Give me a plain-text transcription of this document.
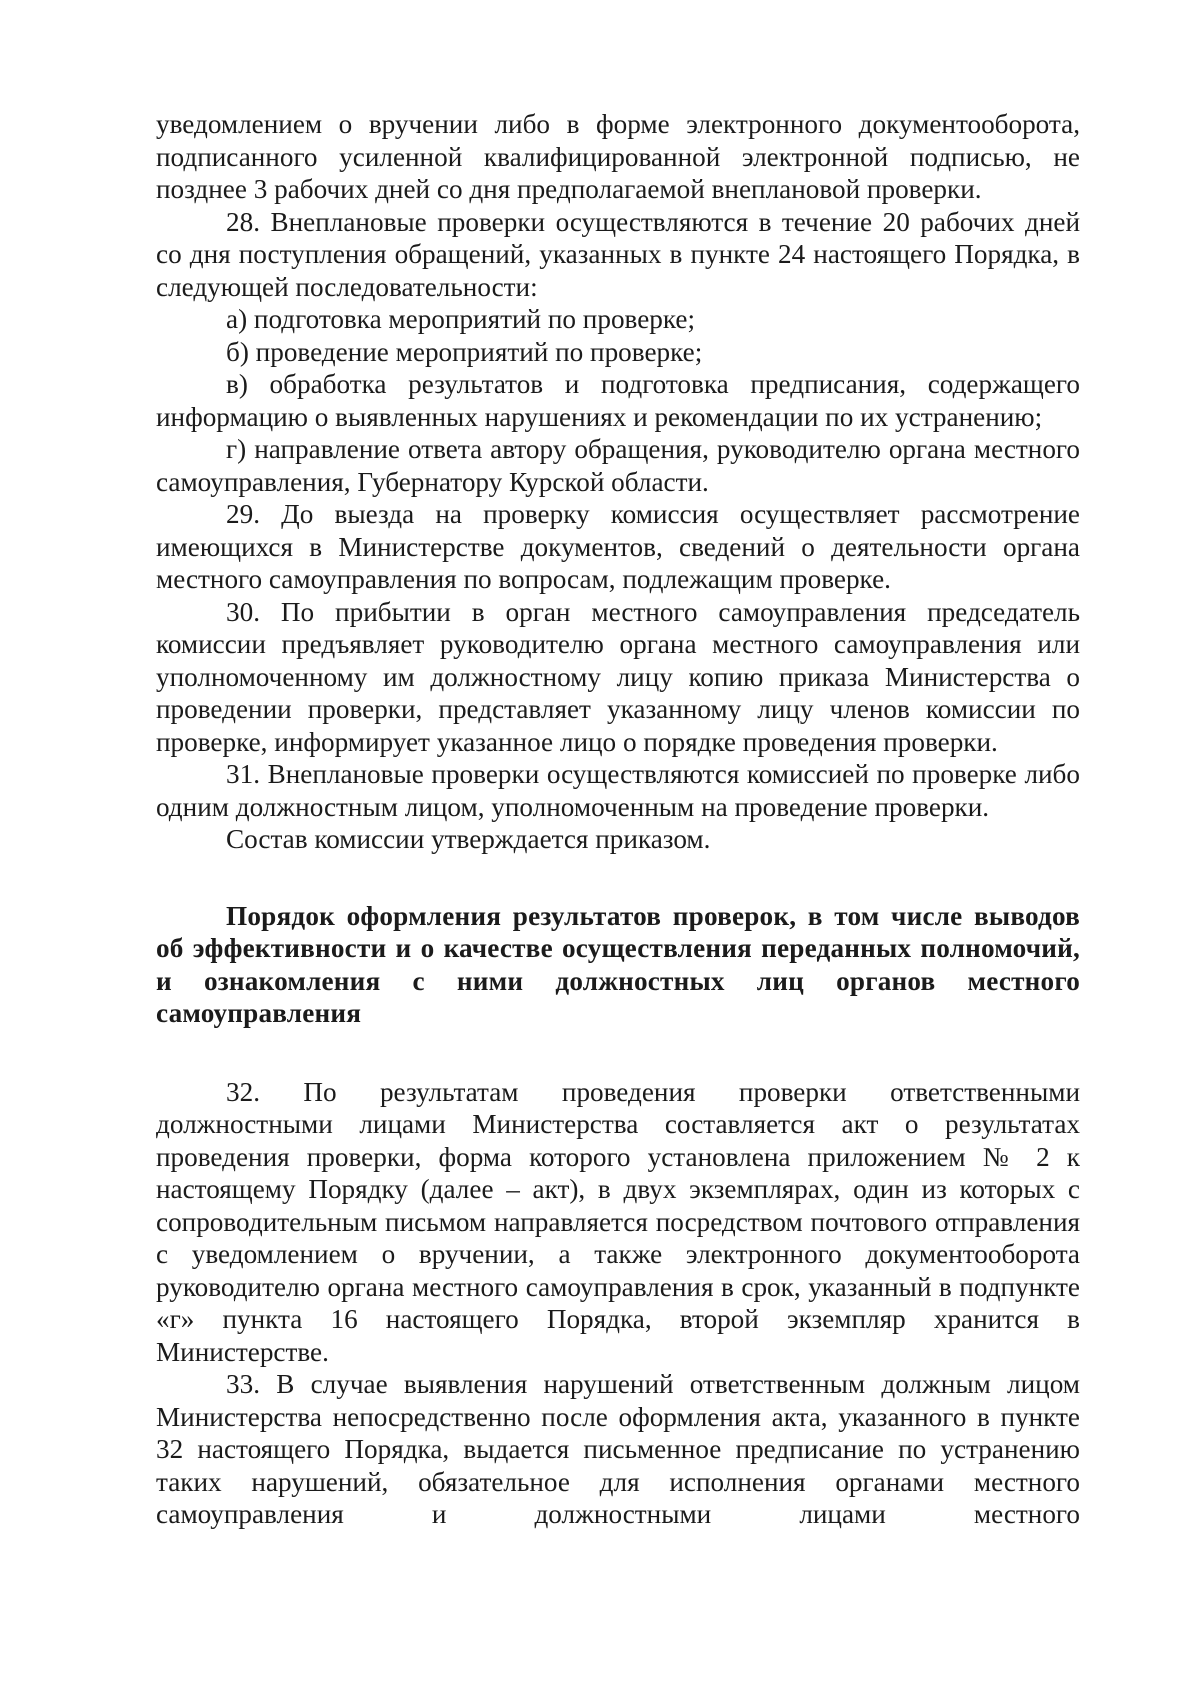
уведомлением о вручении либо в форме электронного документооборота, подписанного усиленной квалифицированной электронной подписью, не позднее 3 рабочих дней со дня предполагаемой внеплановой проверки.

28. Внеплановые проверки осуществляются в течение 20 рабочих дней со дня поступления обращений, указанных в пункте 24 настоящего Порядка, в следующей последовательности:

а) подготовка мероприятий по проверке;

б) проведение мероприятий по проверке;

в) обработка результатов и подготовка предписания, содержащего информацию о выявленных нарушениях и рекомендации по их устранению;

г) направление ответа автору обращения, руководителю органа местного самоуправления, Губернатору Курской области.

29. До выезда на проверку комиссия осуществляет рассмотрение имеющихся в Министерстве документов, сведений о деятельности органа местного самоуправления по вопросам, подлежащим проверке.

30. По прибытии в орган местного самоуправления председатель комиссии предъявляет руководителю органа местного самоуправления или уполномоченному им должностному лицу копию приказа Министерства о проведении проверки, представляет указанному лицу членов комиссии по проверке, информирует указанное лицо о порядке проведения проверки.

31. Внеплановые проверки осуществляются комиссией по проверке либо одним должностным лицом, уполномоченным на проведение проверки.

Состав комиссии утверждается приказом.

Порядок оформления результатов проверок, в том числе выводов об эффективности и о качестве осуществления переданных полномочий, и ознакомления с ними должностных лиц органов местного самоуправления

32. По результатам проведения проверки ответственными должностными лицами Министерства составляется акт о результатах проведения проверки, форма которого установлена приложением № 2 к настоящему Порядку (далее – акт), в двух экземплярах, один из которых с сопроводительным письмом направляется посредством почтового отправления с уведомлением о вручении, а также электронного документооборота руководителю органа местного самоуправления в срок, указанный в подпункте «г» пункта 16 настоящего Порядка, второй экземпляр хранится в Министерстве.

33. В случае выявления нарушений ответственным должным лицом Министерства непосредственно после оформления акта, указанного в пункте 32 настоящего Порядка, выдается письменное предписание по устранению таких нарушений, обязательное для исполнения органами местного самоуправления и должностными лицами местного
